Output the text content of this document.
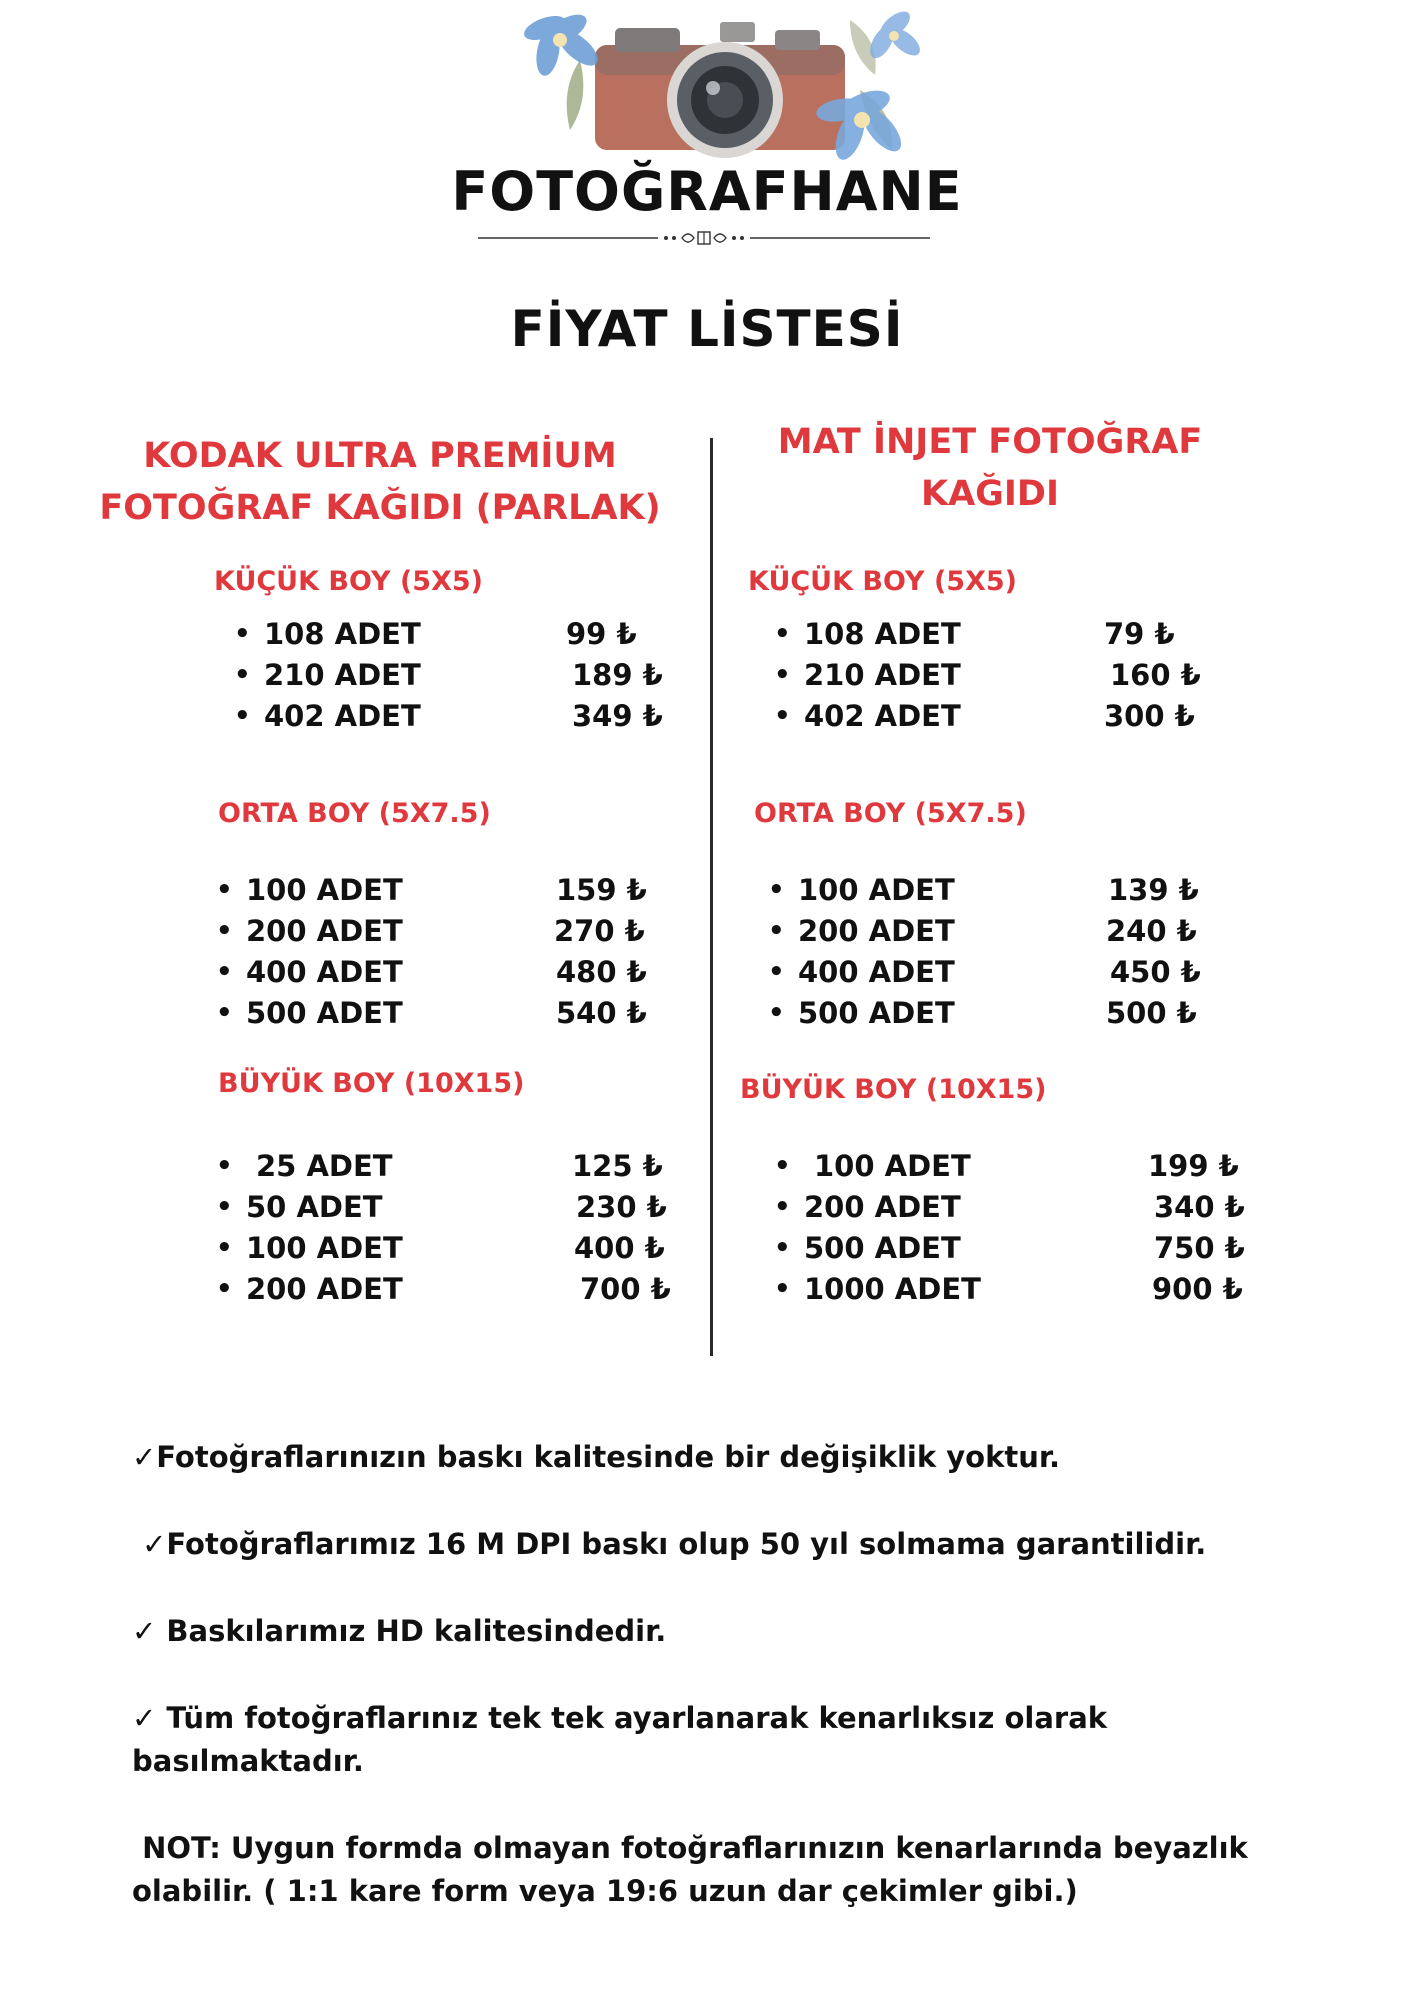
FOTOĞRAFHANE
FİYAT LİSTESİ
KODAK ULTRA PREMİUM
FOTOĞRAF KAĞIDI (PARLAK)
KÜÇÜK BOY (5X5)
• 108 ADET	99 ₺
• 210 ADET	189 ₺
• 402 ADET	349 ₺
ORTA BOY (5X7.5)
• 100 ADET	159 ₺
• 200 ADET	270 ₺
• 400 ADET	480 ₺
• 500 ADET	540 ₺
BÜYÜK BOY (10X15)
• 25 ADET	125 ₺
• 50 ADET	230 ₺
• 100 ADET	400 ₺
• 200 ADET	700 ₺
MAT İNJET FOTOĞRAF
KAĞIDI
KÜÇÜK BOY (5X5)
• 108 ADET	79 ₺
• 210 ADET	160 ₺
• 402 ADET	300 ₺
ORTA BOY (5X7.5)
• 100 ADET	139 ₺
• 200 ADET	240 ₺
• 400 ADET	450 ₺
• 500 ADET	500 ₺
BÜYÜK BOY (10X15)
• 100 ADET	199 ₺
• 200 ADET	340 ₺
• 500 ADET	750 ₺
• 1000 ADET	900 ₺

✓Fotoğraflarınızın baskı kalitesinde bir değişiklik yoktur.

✓Fotoğraflarımız 16 M DPI baskı olup 50 yıl solmama garantilidir.

✓ Baskılarımız HD kalitesindedir.

✓ Tüm fotoğraflarınız tek tek ayarlanarak kenarlıksız olarak basılmaktadır.

NOT: Uygun formda olmayan fotoğraflarınızın kenarlarında beyazlık olabilir. ( 1:1 kare form veya 19:6 uzun dar çekimler gibi.)
